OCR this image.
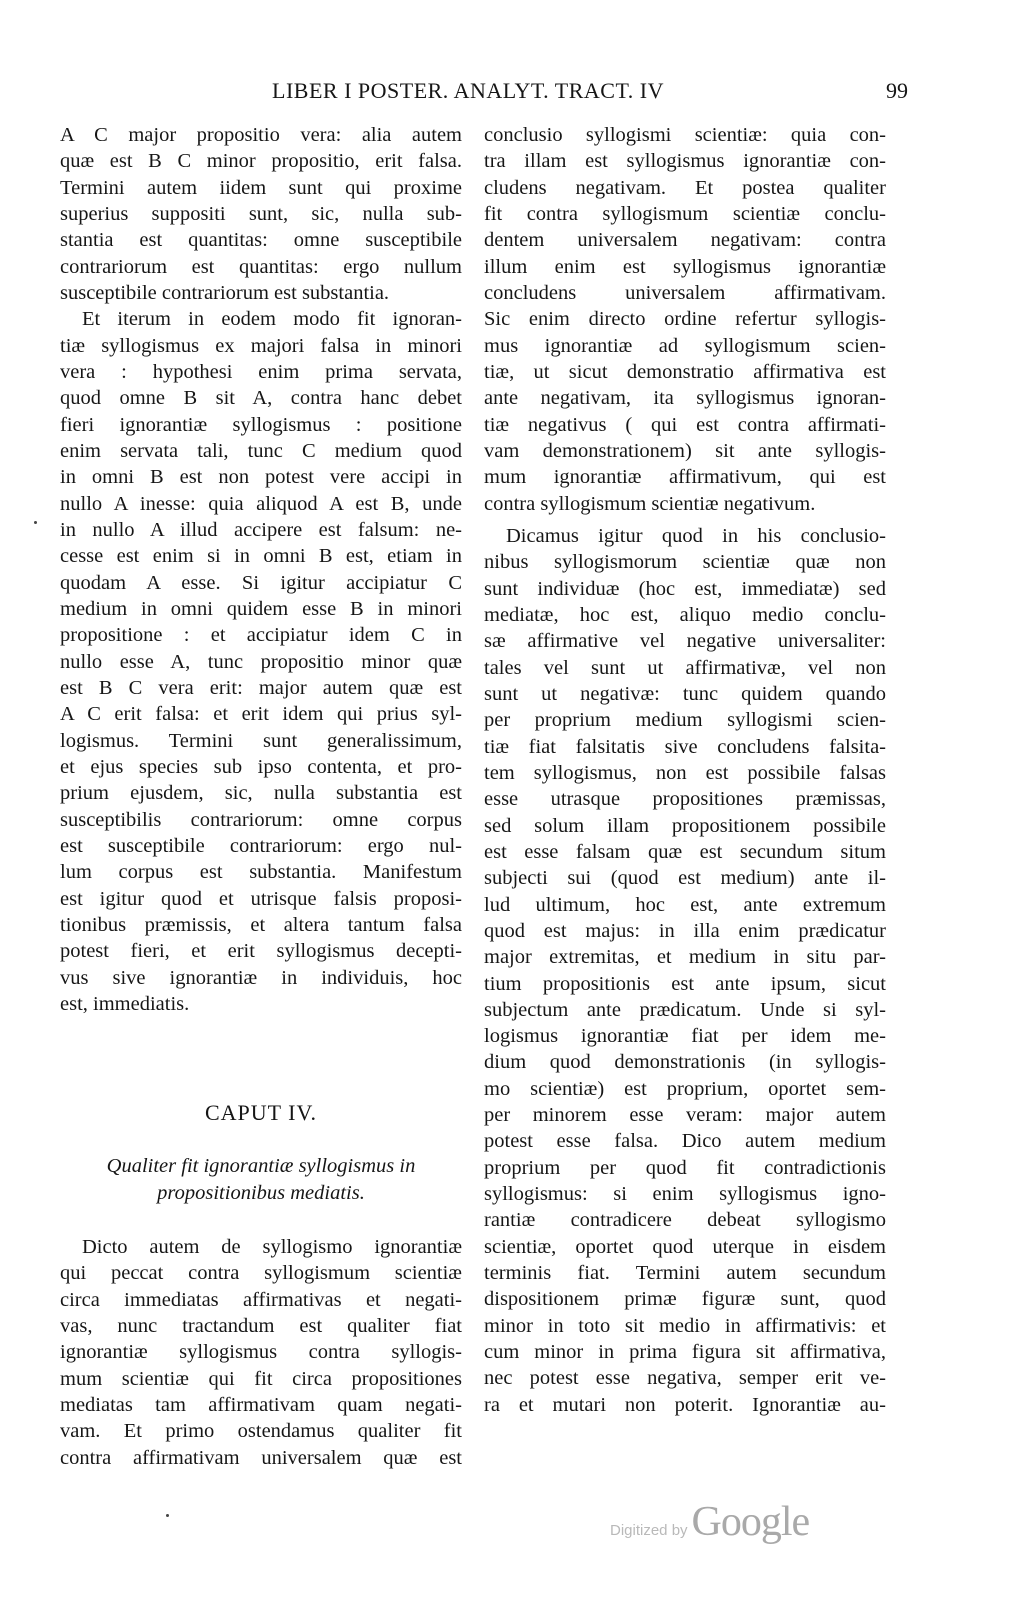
LIBER I POSTER. ANALYT. TRACT. IV	99
A C major propositio vera: alia autem
quæ est B C minor propositio, erit falsa.
Termini autem iidem sunt qui proxime
superius suppositi sunt, sic, nulla sub-
stantia est quantitas: omne susceptibile
contrariorum est quantitas: ergo nullum
susceptibile contrariorum est substantia.
Et iterum in eodem modo fit ignoran-
tiæ syllogismus ex majori falsa in minori
vera : hypothesi enim prima servata,
quod omne B sit A, contra hanc debet
fieri ignorantiæ syllogismus : positione
enim servata tali, tunc C medium quod
in omni B est non potest vere accipi in
nullo A inesse: quia aliquod A est B, unde
in nullo A illud accipere est falsum: ne-
cesse est enim si in omni B est, etiam in
quodam A esse. Si igitur accipiatur C
medium in omni quidem esse B in minori
propositione : et accipiatur idem C in
nullo esse A, tunc propositio minor quæ
est B C vera erit: major autem quæ est
A C erit falsa: et erit idem qui prius syl-
logismus. Termini sunt generalissimum,
et ejus species sub ipso contenta, et pro-
prium ejusdem, sic, nulla substantia est
susceptibilis contrariorum: omne corpus
est susceptibile contrariorum: ergo nul-
lum corpus est substantia. Manifestum
est igitur quod et utrisque falsis proposi-
tionibus præmissis, et altera tantum falsa
potest fieri, et erit syllogismus decepti-
vus sive ignorantiæ in individuis, hoc
est, immediatis.
CAPUT IV.
Qualiter fit ignorantiæ syllogismus in
propositionibus mediatis.
Dicto autem de syllogismo ignorantiæ
qui peccat contra syllogismum scientiæ
circa immediatas affirmativas et negati-
vas, nunc tractandum est qualiter fiat
ignorantiæ syllogismus contra syllogis-
mum scientiæ qui fit circa propositiones
mediatas tam affirmativam quam negati-
vam. Et primo ostendamus qualiter fit
contra affirmativam universalem quæ est
conclusio syllogismi scientiæ: quia con-
tra illam est syllogismus ignorantiæ con-
cludens negativam. Et postea qualiter
fit contra syllogismum scientiæ conclu-
dentem universalem negativam: contra
illum enim est syllogismus ignorantiæ
concludens universalem affirmativam.
Sic enim directo ordine refertur syllogis-
mus ignorantiæ ad syllogismum scien-
tiæ, ut sicut demonstratio affirmativa est
ante negativam, ita syllogismus ignoran-
tiæ negativus ( qui est contra affirmati-
vam demonstrationem) sit ante syllogis-
mum ignorantiæ affirmativum, qui est
contra syllogismum scientiæ negativum.
Dicamus igitur quod in his conclusio-
nibus syllogismorum scientiæ quæ non
sunt individuæ (hoc est, immediatæ) sed
mediatæ, hoc est, aliquo medio conclu-
sæ affirmative vel negative universaliter:
tales vel sunt ut affirmativæ, vel non
sunt ut negativæ: tunc quidem quando
per proprium medium syllogismi scien-
tiæ fiat falsitatis sive concludens falsita-
tem syllogismus, non est possibile falsas
esse utrasque propositiones præmissas,
sed solum illam propositionem possibile
est esse falsam quæ est secundum situm
subjecti sui (quod est medium) ante il-
lud ultimum, hoc est, ante extremum
quod est majus: in illa enim prædicatur
major extremitas, et medium in situ par-
tium propositionis est ante ipsum, sicut
subjectum ante prædicatum. Unde si syl-
logismus ignorantiæ fiat per idem me-
dium quod demonstrationis (in syllogis-
mo scientiæ) est proprium, oportet sem-
per minorem esse veram: major autem
potest esse falsa. Dico autem medium
proprium per quod fit contradictionis
syllogismus: si enim syllogismus igno-
rantiæ contradicere debeat syllogismo
scientiæ, oportet quod uterque in eisdem
terminis fiat. Termini autem secundum
dispositionem primæ figuræ sunt, quod
minor in toto sit medio in affirmativis: et
cum minor in prima figura sit affirmativa,
nec potest esse negativa, semper erit ve-
ra et mutari non poterit. Ignorantiæ au-
Digitized by Google
